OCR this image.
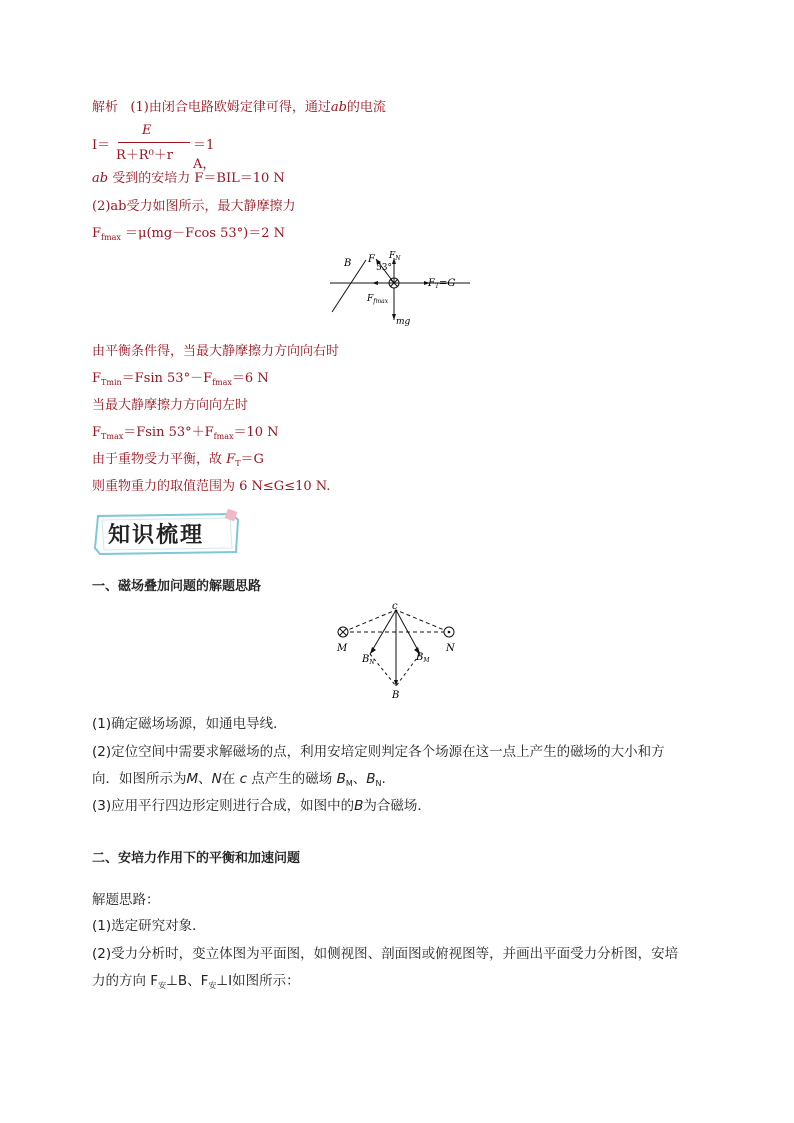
解析 (1)由闭合电路欧姆定律可得，通过ab的电流
I＝
E
R＋R⁰＋r
＝1 A，
ab 受到的安培力 F＝BIL＝10 N
(2)ab受力如图所示，最大静摩擦力
$F_{fmax} =\mu(mg-Fcos$ 53°)＝2 N
由平衡条件得，当最大静摩擦力方向向右时
$F_{Tmin}=Fsin$ $53^\circ-F_{fmax}=6$ N
当最大静摩擦力方向向左时
$F_{Tmax}=Fsin$ $53^\circ+F_{fmax}=10$ N
由于重物受力平衡，故 $F_T=G$
则重物重力的取值范围为 6 N≤G≤10 N.
B F
53°
$F_N$
$F_T=G$
$F_{fmax}$
mg
知识梳理
一、磁场叠加问题的解题思路
c
M	N
$B_N$	$B_M$
B
(1)确定磁场场源，如通电导线．
(2)定位空间中需要求解磁场的点，利用安培定则判定各个场源在这一点上产生的磁场的大小和方
向．如图所示为M、N在 c 点产生的磁场 $B_M$、$B_N$.
(3)应用平行四边形定则进行合成，如图中的B为合磁场．
二、安培力作用下的平衡和加速问题
解题思路：
(1)选定研究对象．
(2)受力分析时，变立体图为平面图，如侧视图、剖面图或俯视图等，并画出平面受力分析图，安培
力的方向 $F_安\perp B$、$F_安\perp I$如图所示：
